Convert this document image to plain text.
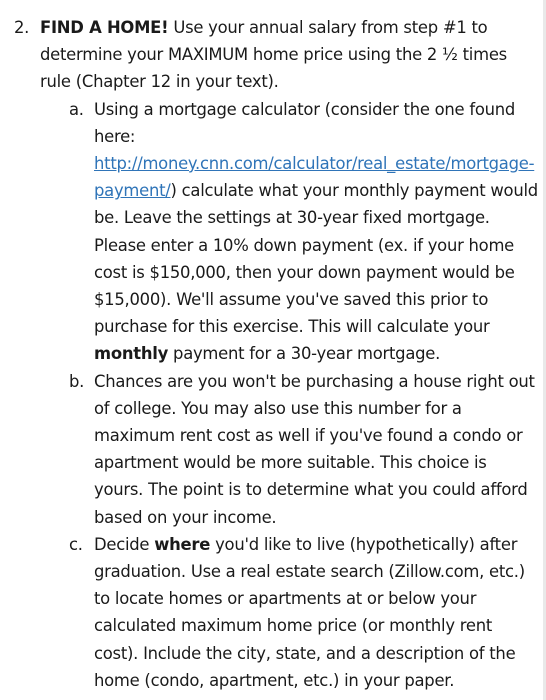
2. FIND A HOME! Use your annual salary from step #1 to determine your MAXIMUM home price using the 2 ½ times rule (Chapter 12 in your text).
a. Using a mortgage calculator (consider the one found here:
http://money.cnn.com/calculator/real_estate/mortgage-payment/) calculate what your monthly payment would be. Leave the settings at 30-year fixed mortgage. Please enter a 10% down payment (ex. if your home cost is $150,000, then your down payment would be $15,000). We'll assume you've saved this prior to purchase for this exercise. This will calculate your monthly payment for a 30-year mortgage.
b. Chances are you won't be purchasing a house right out of college. You may also use this number for a maximum rent cost as well if you've found a condo or apartment would be more suitable. This choice is yours. The point is to determine what you could afford based on your income.
c. Decide where you'd like to live (hypothetically) after graduation. Use a real estate search (Zillow.com, etc.) to locate homes or apartments at or below your calculated maximum home price (or monthly rent cost). Include the city, state, and a description of the home (condo, apartment, etc.) in your paper.
